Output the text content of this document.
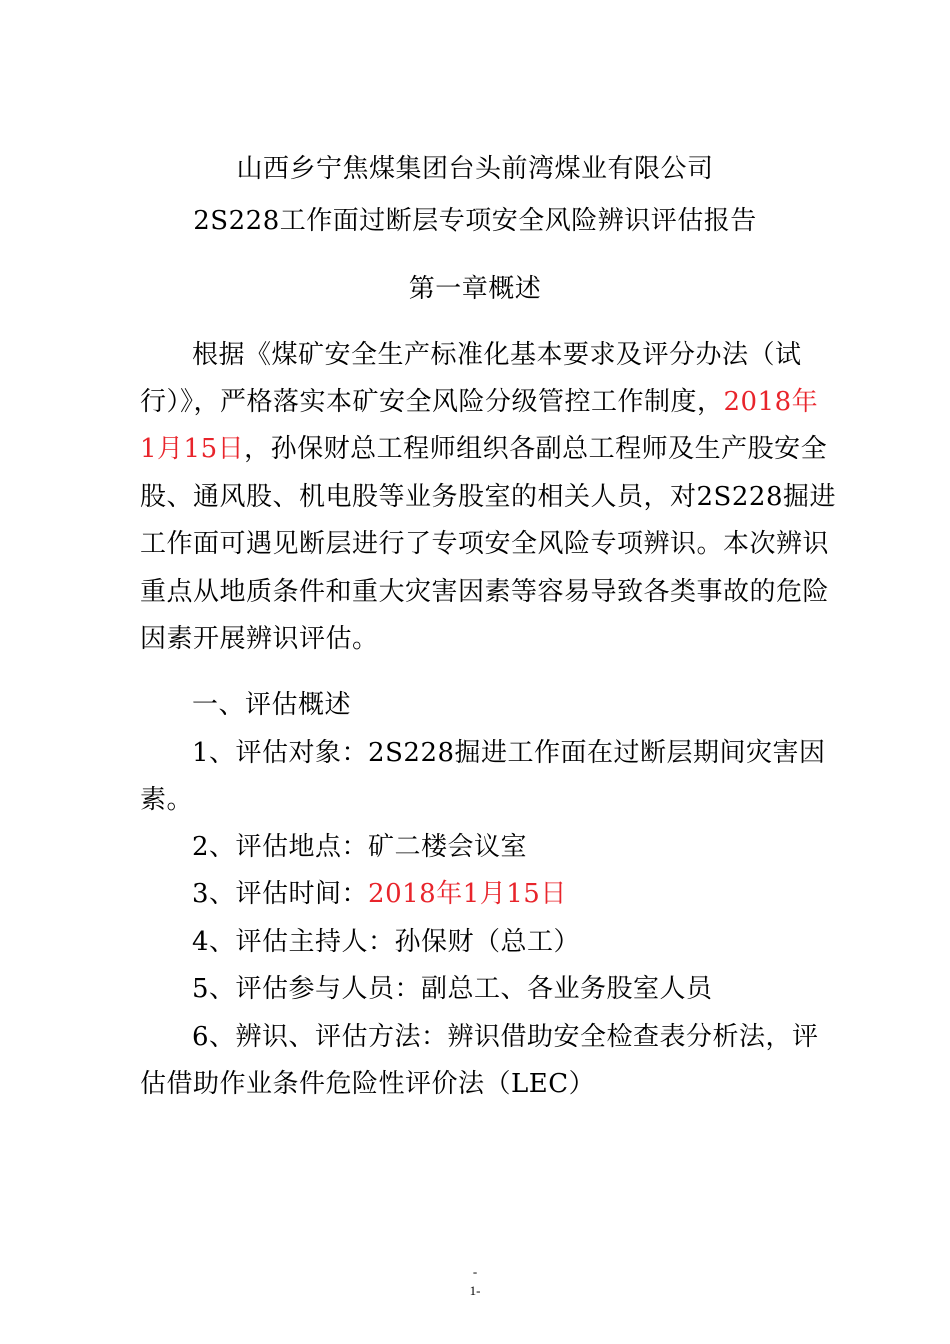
山西乡宁焦煤集团台头前湾煤业有限公司
2S228工作面过断层专项安全风险辨识评估报告
第一章概述
根据《煤矿安全生产标准化基本要求及评分办法（试
行）》，严格落实本矿安全风险分级管控工作制度，2018年
1月15日，孙保财总工程师组织各副总工程师及生产股安全
股、通风股、机电股等业务股室的相关人员，对2S228掘进
工作面可遇见断层进行了专项安全风险专项辨识。本次辨识
重点从地质条件和重大灾害因素等容易导致各类事故的危险
因素开展辨识评估。
一、评估概述
1、评估对象：2S228掘进工作面在过断层期间灾害因
素。
2、评估地点：矿二楼会议室
3、评估时间：2018年1月15日
4、评估主持人：孙保财（总工）
5、评估参与人员：副总工、各业务股室人员
6、辨识、评估方法：辨识借助安全检查表分析法，评
估借助作业条件危险性评价法（LEC）
-
1-
